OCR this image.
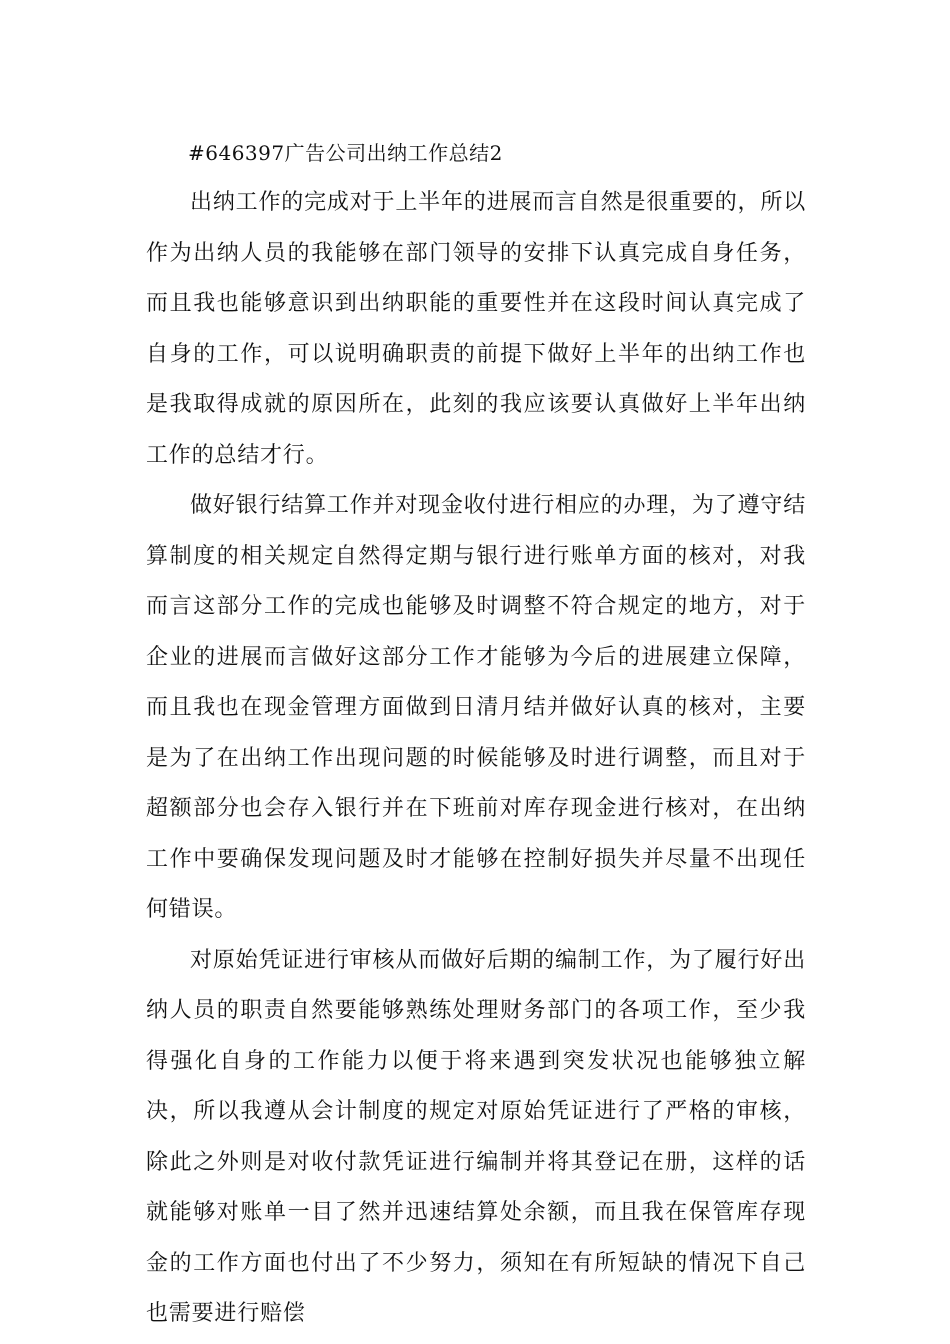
#646397广告公司出纳工作总结2

出纳工作的完成对于上半年的进展而言自然是很重要的，所以作为出纳人员的我能够在部门领导的安排下认真完成自身任务，而且我也能够意识到出纳职能的重要性并在这段时间认真完成了自身的工作，可以说明确职责的前提下做好上半年的出纳工作也是我取得成就的原因所在，此刻的我应该要认真做好上半年出纳工作的总结才行。

做好银行结算工作并对现金收付进行相应的办理，为了遵守结算制度的相关规定自然得定期与银行进行账单方面的核对，对我而言这部分工作的完成也能够及时调整不符合规定的地方，对于企业的进展而言做好这部分工作才能够为今后的进展建立保障，而且我也在现金管理方面做到日清月结并做好认真的核对，主要是为了在出纳工作出现问题的时候能够及时进行调整，而且对于超额部分也会存入银行并在下班前对库存现金进行核对，在出纳工作中要确保发现问题及时才能够在控制好损失并尽量不出现任何错误。

对原始凭证进行审核从而做好后期的编制工作，为了履行好出纳人员的职责自然要能够熟练处理财务部门的各项工作，至少我得强化自身的工作能力以便于将来遇到突发状况也能够独立解决，所以我遵从会计制度的规定对原始凭证进行了严格的审核，除此之外则是对收付款凭证进行编制并将其登记在册，这样的话就能够对账单一目了然并迅速结算处余额，而且我在保管库存现金的工作方面也付出了不少努力，须知在有所短缺的情况下自己也需要进行赔偿
